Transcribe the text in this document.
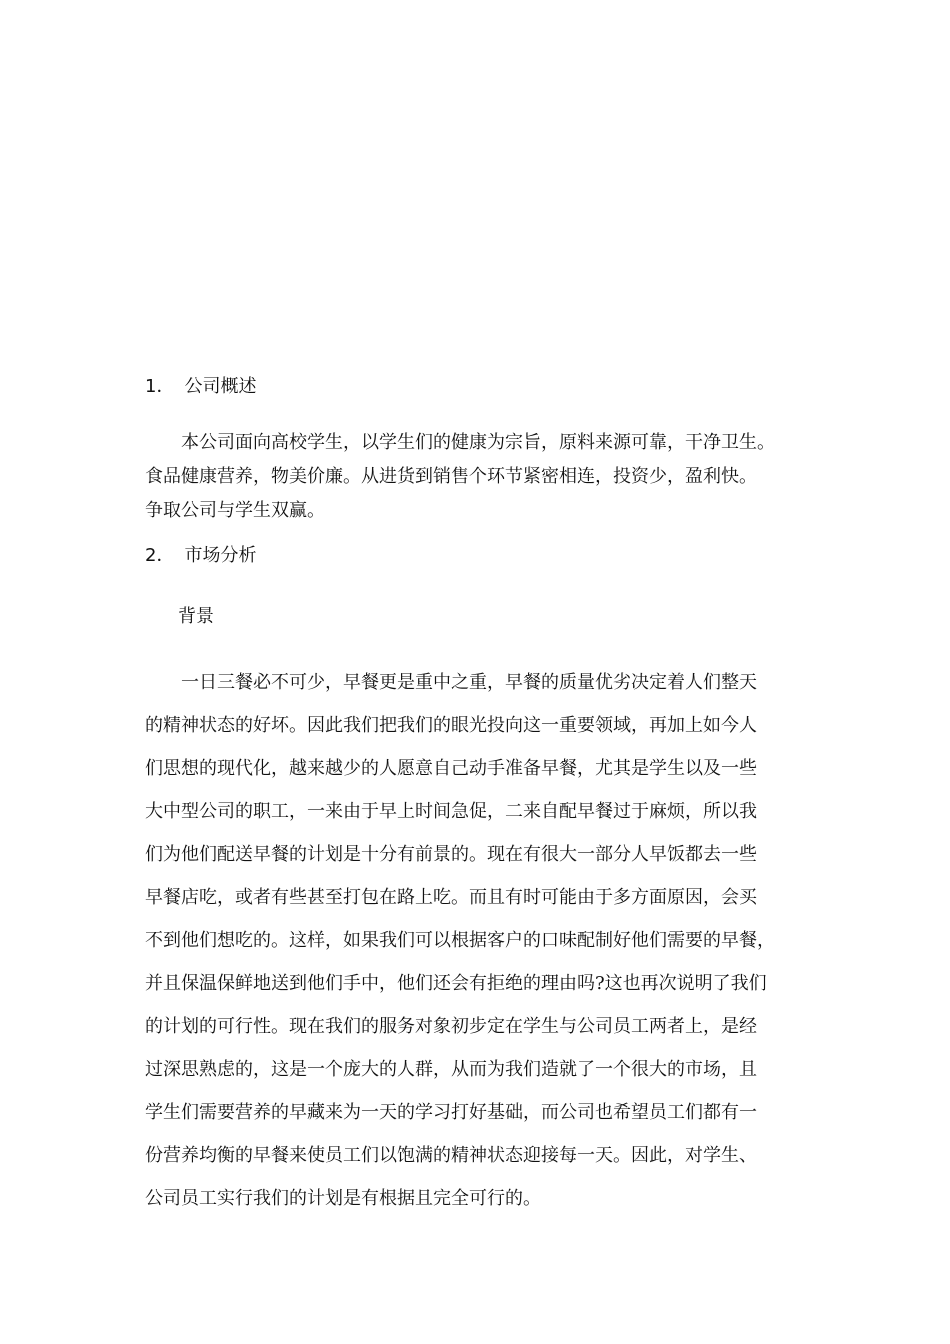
1． 公司概述
本公司面向高校学生，以学生们的健康为宗旨，原料来源可靠，干净卫生。
食品健康营养，物美价廉。从进货到销售个环节紧密相连，投资少，盈利快。
争取公司与学生双赢。
2． 市场分析
背景
一日三餐必不可少，早餐更是重中之重，早餐的质量优劣决定着人们整天
的精神状态的好坏。因此我们把我们的眼光投向这一重要领域，再加上如今人
们思想的现代化，越来越少的人愿意自己动手准备早餐，尤其是学生以及一些
大中型公司的职工，一来由于早上时间急促，二来自配早餐过于麻烦，所以我
们为他们配送早餐的计划是十分有前景的。现在有很大一部分人早饭都去一些
早餐店吃，或者有些甚至打包在路上吃。而且有时可能由于多方面原因，会买
不到他们想吃的。这样，如果我们可以根据客户的口味配制好他们需要的早餐，
并且保温保鲜地送到他们手中，他们还会有拒绝的理由吗?这也再次说明了我们
的计划的可行性。现在我们的服务对象初步定在学生与公司员工两者上，是经
过深思熟虑的，这是一个庞大的人群，从而为我们造就了一个很大的市场，且
学生们需要营养的早藏来为一天的学习打好基础，而公司也希望员工们都有一
份营养均衡的早餐来使员工们以饱满的精神状态迎接每一天。因此，对学生、
公司员工实行我们的计划是有根据且完全可行的。
